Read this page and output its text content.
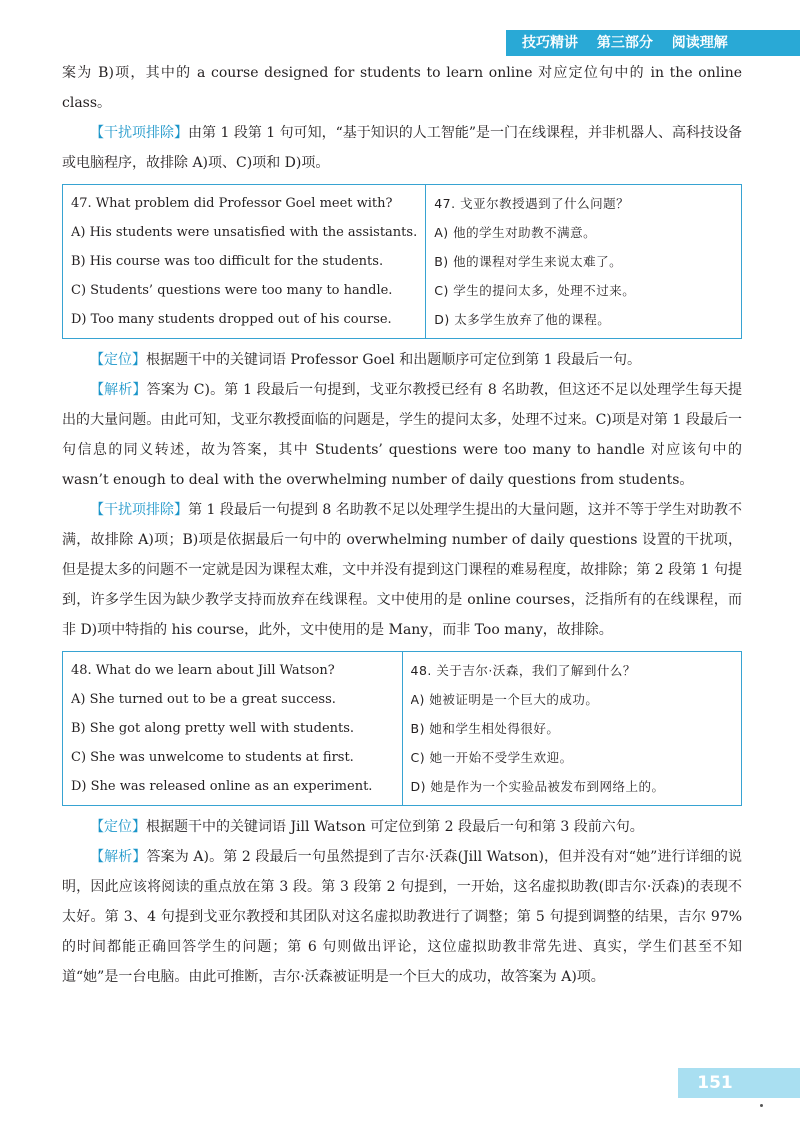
技巧精讲 第三部分 阅读理解

案为 B)项，其中的 a course designed for students to learn online 对应定位句中的 in the online class。

【干扰项排除】由第 1 段第 1 句可知，“基于知识的人工智能”是一门在线课程，并非机器人、高科技设备或电脑程序，故排除 A)项、C)项和 D)项。

47. What problem did Professor Goel meet with?
A) His students were unsatisfied with the assistants.
B) His course was too difficult for the students.
C) Students’ questions were too many to handle.
D) Too many students dropped out of his course.

47. 戈亚尔教授遇到了什么问题？
A) 他的学生对助教不满意。
B) 他的课程对学生来说太难了。
C) 学生的提问太多，处理不过来。
D) 太多学生放弃了他的课程。

【定位】根据题干中的关键词语 Professor Goel 和出题顺序可定位到第 1 段最后一句。

【解析】答案为 C)。第 1 段最后一句提到，戈亚尔教授已经有 8 名助教，但这还不足以处理学生每天提出的大量问题。由此可知，戈亚尔教授面临的问题是，学生的提问太多，处理不过来。C)项是对第 1 段最后一句信息的同义转述，故为答案，其中 Students’ questions were too many to handle 对应该句中的 wasn’t enough to deal with the overwhelming number of daily questions from students。

【干扰项排除】第 1 段最后一句提到 8 名助教不足以处理学生提出的大量问题，这并不等于学生对助教不满，故排除 A)项；B)项是依据最后一句中的 overwhelming number of daily questions 设置的干扰项，但是提太多的问题不一定就是因为课程太难，文中并没有提到这门课程的难易程度，故排除；第 2 段第 1 句提到，许多学生因为缺少教学支持而放弃在线课程。文中使用的是 online courses，泛指所有的在线课程，而非 D)项中特指的 his course，此外，文中使用的是 Many，而非 Too many，故排除。

48. What do we learn about Jill Watson?
A) She turned out to be a great success.
B) She got along pretty well with students.
C) She was unwelcome to students at first.
D) She was released online as an experiment.

48. 关于吉尔·沃森，我们了解到什么？
A) 她被证明是一个巨大的成功。
B) 她和学生相处得很好。
C) 她一开始不受学生欢迎。
D) 她是作为一个实验品被发布到网络上的。

【定位】根据题干中的关键词语 Jill Watson 可定位到第 2 段最后一句和第 3 段前六句。

【解析】答案为 A)。第 2 段最后一句虽然提到了吉尔·沃森(Jill Watson)，但并没有对“她”进行详细的说明，因此应该将阅读的重点放在第 3 段。第 3 段第 2 句提到，一开始，这名虚拟助教(即吉尔·沃森)的表现不太好。第 3、4 句提到戈亚尔教授和其团队对这名虚拟助教进行了调整；第 5 句提到调整的结果，吉尔 97% 的时间都能正确回答学生的问题；第 6 句则做出评论，这位虚拟助教非常先进、真实，学生们甚至不知道“她”是一台电脑。由此可推断，吉尔·沃森被证明是一个巨大的成功，故答案为 A)项。

151
